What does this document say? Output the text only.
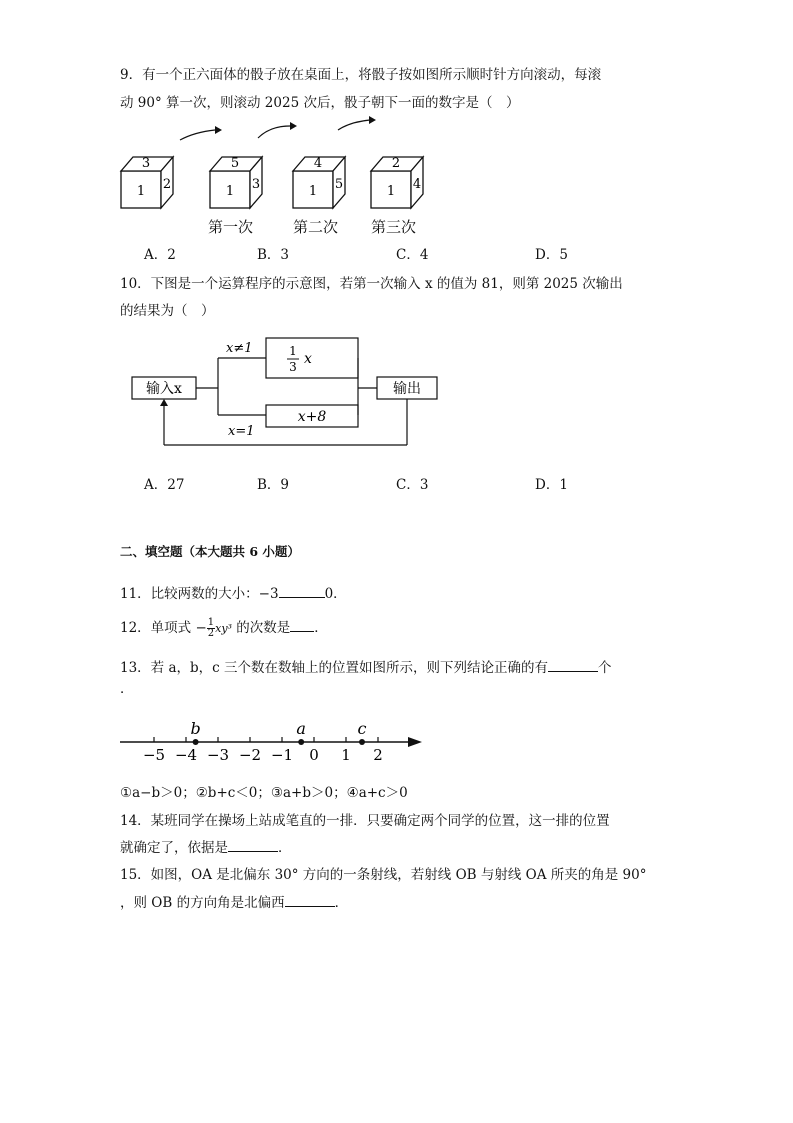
9．有一个正六面体的骰子放在桌面上，将骰子按如图所示顺时针方向滚动，每滚
动 90° 算一次，则滚动 2025 次后，骰子朝下一面的数字是（　）
3
1 2
5
1 3
第一次
4
1 5
第二次
2
1 4
第三次
A．2	B．3	C．4	D．5
10．下图是一个运算程序的示意图，若第一次输入 x 的值为 81，则第 2025 次输出
的结果为（　）
输入x	输出
1
3 x
x+8
x≠1
x=1
A．27	B．9	C．3	D．1
二、填空题（本大题共 6 小题）
11．比较两数的大小：−3	0．
12．单项式 − $\frac{1}{2} xy^3$ 的次数是 ．
13．若 a，b，c 三个数在数轴上的位置如图所示，则下列结论正确的有	个
．
−5 −4 −3 −2 −1 0 1 2
b	a	c
①a−b＞0；②b+c＜0；③a+b＞0；④a+c＞0
14．某班同学在操场上站成笔直的一排．只要确定两个同学的位置，这一排的位置
就确定了，依据是	．
15．如图，OA 是北偏东 30° 方向的一条射线，若射线 OB 与射线 OA 所夹的角是 90°
，则 OB 的方向角是北偏西	．
